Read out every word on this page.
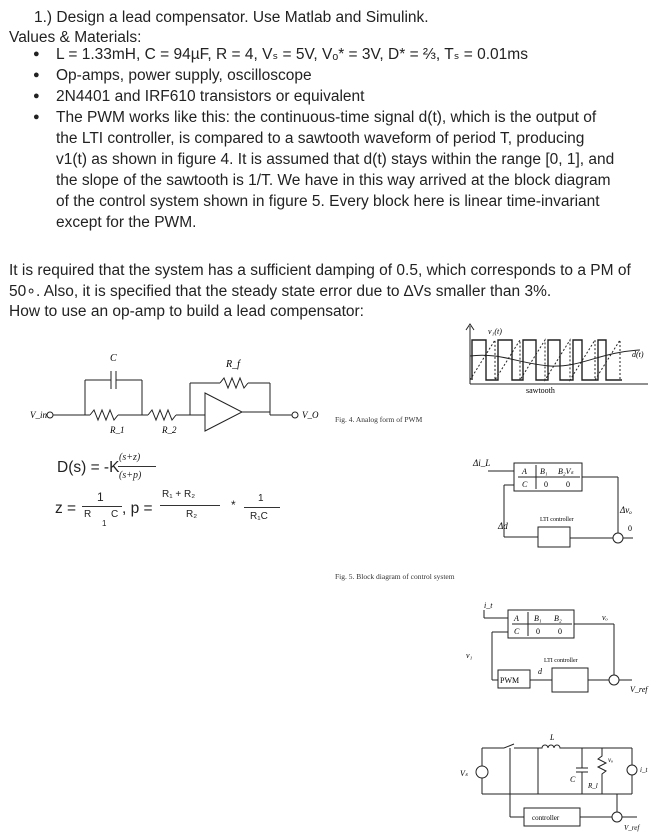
1.) Design a lead compensator. Use Matlab and Simulink.
Values & Materials:
● L = 1.33mH, C = 94µF, R = 4, Vₛ = 5V, Vₒ* = 3V, D* = ⅔, Tₛ = 0.01ms
● Op-amps, power supply, oscilloscope
● 2N4401 and IRF610 transistors or equivalent
● The PWM works like this: the continuous-time signal d(t), which is the output of the LTI controller, is compared to a sawtooth waveform of period T, producing v1(t) as shown in figure 4. It is assumed that d(t) stays within the range [0, 1], and the slope of the sawtooth is 1/T. We have in this way arrived at the block diagram of the control system shown in figure 5. Every block here is linear time-invariant except for the PWM.
It is required that the system has a sufficient damping of 0.5, which corresponds to a PM of 50∘. Also, it is specified that the steady state error due to ∆Vs smaller than 3%.
How to use an op-amp to build a lead compensator:
C
R_f
V_in
R_1	R_2
V_O
D(s) = -K
(s+z)
(s+p)
z =
1
R
1
C , p =
R₁ + R₂
R₂
* 1
R₁C
v₁(t)
d(t)
sawtooth
Fig. 4. Analog form of PWM
Δi_L
A B₁ B₂Vₛ
C 0 0
LTI controller
Δd
Δvₒ
0
Fig. 5. Block diagram of control system
i_t
v₁
vₒ
A B₁ B₂
C 0 0
LTI controller
PWM
d
V_ref
Vₛ
L
C
R_l
vₒ
i_t
controller
V_ref
